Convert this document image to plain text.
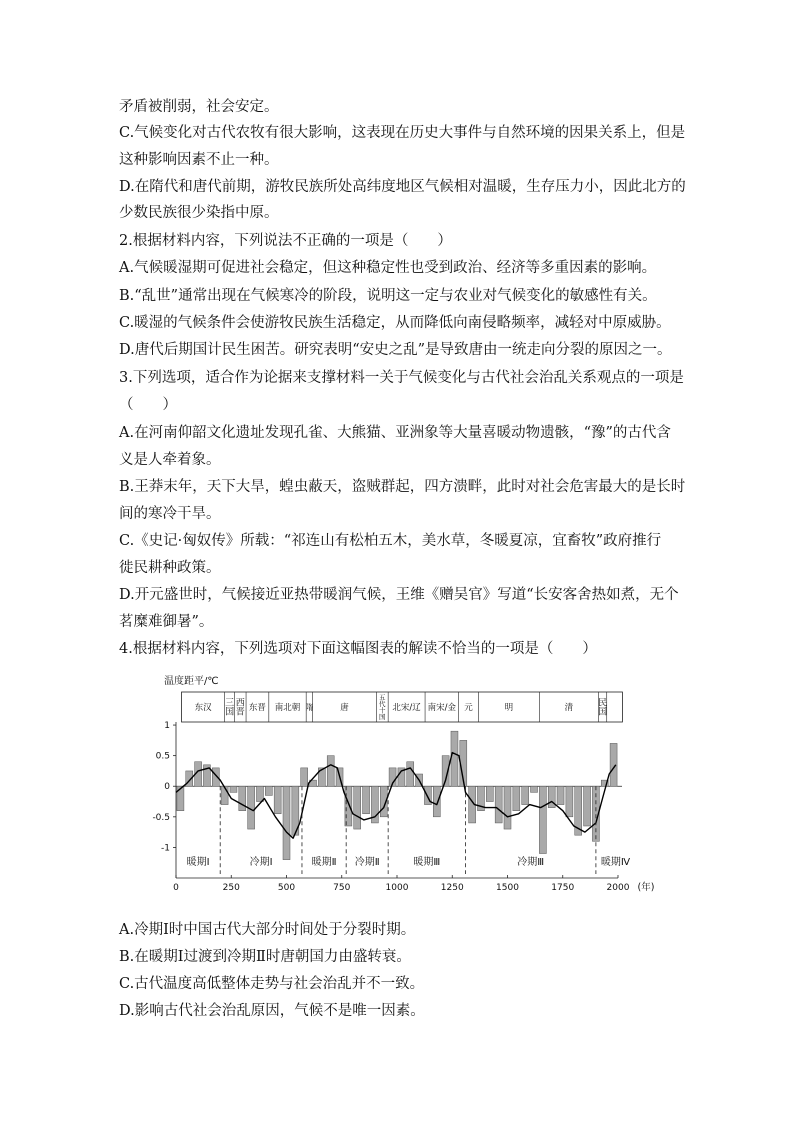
矛盾被削弱，社会安定。
C.气候变化对古代农牧有很大影响，这表现在历史大事件与自然环境的因果关系上，但是
这种影响因素不止一种。
D.在隋代和唐代前期，游牧民族所处高纬度地区气候相对温暖，生存压力小，因此北方的
少数民族很少染指中原。
2.根据材料内容，下列说法不正确的一项是（　　）
A.气候暖湿期可促进社会稳定，但这种稳定性也受到政治、经济等多重因素的影响。
B.“乱世”通常出现在气候寒冷的阶段，说明这一定与农业对气候变化的敏感性有关。
C.暖湿的气候条件会使游牧民族生活稳定，从而降低向南侵略频率，减轻对中原威胁。
D.唐代后期国计民生困苦。研究表明“安史之乱”是导致唐由一统走向分裂的原因之一。
3.下列选项，适合作为论据来支撑材料一关于气候变化与古代社会治乱关系观点的一项是
（　　）
A.在河南仰韶文化遗址发现孔雀、大熊猫、亚洲象等大量喜暖动物遗骸，“豫”的古代含
义是人牵着象。
B.王莽末年，天下大旱，蝗虫蔽天，盗贼群起，四方溃畔，此时对社会危害最大的是长时
间的寒冷干旱。
C.《史记·匈奴传》所载：“祁连山有松柏五木，美水草，冬暖夏凉，宜畜牧”政府推行
徙民耕种政策。
D.开元盛世时，气候接近亚热带暖润气候，王维《赠吴官》写道“长安客舍热如煮，无个
茗糜难御暑”。
4.根据材料内容，下列选项对下面这幅图表的解读不恰当的一项是（　　）
温度距平/℃
(年)
东汉 三国
西晋 东晋 南北朝 隋	唐
五代十国
北宋/辽 南宋/金 元	明	清	民国
1
0.5
0
-0.5
-1
0	250	500	750	1000	1250	1500	1750	2000
暖期Ⅰ	冷期Ⅰ	暖期Ⅱ 冷期Ⅱ	暖期Ⅲ	冷期Ⅲ	暖期Ⅳ
A.冷期Ⅰ时中国古代大部分时间处于分裂时期。
B.在暖期Ⅰ过渡到冷期Ⅱ时唐朝国力由盛转衰。
C.古代温度高低整体走势与社会治乱并不一致。
D.影响古代社会治乱原因，气候不是唯一因素。
